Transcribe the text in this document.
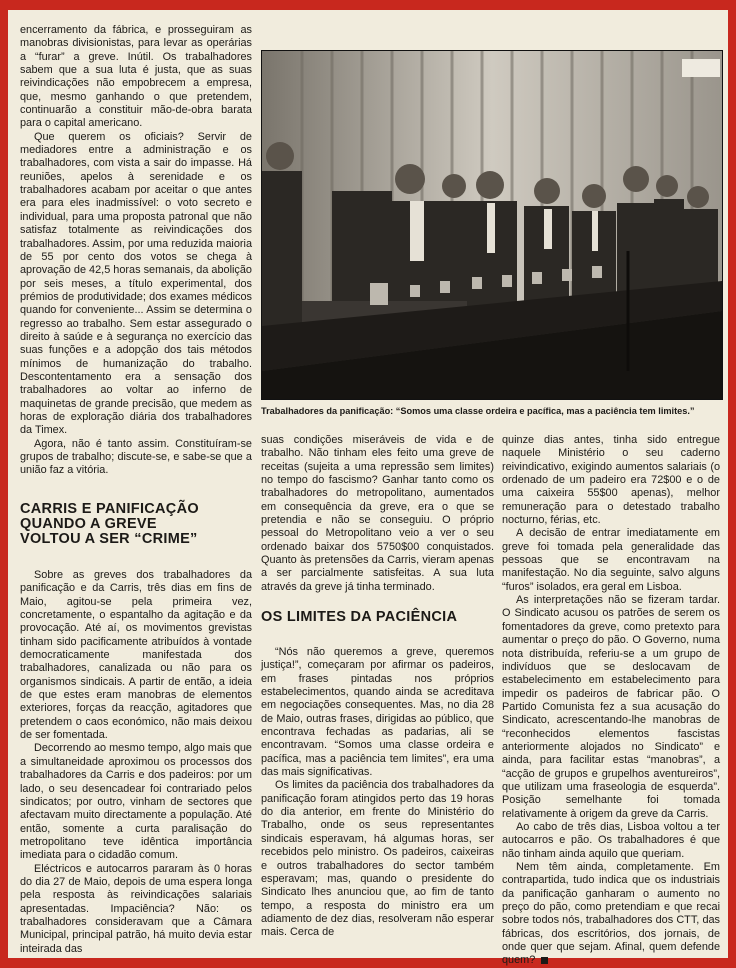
encerramento da fábrica, e prosseguiram as manobras divisionistas, para levar as operárias a “furar” a greve. Inútil. Os trabalhadores sabem que a sua luta é justa, que as suas reivindicações não empobrecem a empresa, que, mesmo ganhando o que pretendem, continuarão a constituir mão-de-obra barata para o capital americano.

Que querem os oficiais? Servir de mediadores entre a administração e os trabalhadores, com vista a sair do impasse. Há reuniões, apelos à serenidade e os trabalhadores acabam por aceitar o que antes era para eles inadmissível: o voto secreto e individual, para uma proposta patronal que não satisfaz totalmente as reivindicações dos trabalhadores. Assim, por uma reduzida maioria de 55 por cento dos votos se chega à aprovação de 42,5 horas semanais, da abolição por seis meses, a título experimental, dos prémios de produtividade; dos exames médicos quando for conveniente... Assim se determina o regresso ao trabalho. Sem estar assegurado o direito à saúde e à segurança no exercício das suas funções e a adopção dos tais métodos mínimos de humanização do trabalho. Descontentamento era a sensação dos trabalhadores ao voltar ao inferno de maquinetas de grande precisão, que medem as horas de exploração diária dos trabalhadores da Timex.

Agora, não é tanto assim. Constituíram-se grupos de trabalho; discute-se, e sabe-se que a união faz a vitória.

CARRIS E PANIFICAÇÃO QUANDO A GREVE VOLTOU A SER “CRIME”

Sobre as greves dos trabalhadores da panificação e da Carris, três dias em fins de Maio, agitou-se pela primeira vez, concretamente, o espantalho da agitação e da provocação. Até aí, os movimentos grevistas tinham sido pacificamente atribuídos à vontade democraticamente manifestada dos trabalhadores, canalizada ou não para os organismos sindicais. A partir de então, a ideia de que estes eram manobras de elementos exteriores, forças da reacção, agitadores que pretendem o caos económico, não mais deixou de ser fomentada.

Decorrendo ao mesmo tempo, algo mais que a simultaneidade aproximou os processos dos trabalhadores da Carris e dos padeiros: por um lado, o seu desencadear foi contrariado pelos sindicatos; por outro, vinham de sectores que afectavam muito directamente a população. Até então, somente a curta paralisação do metropolitano teve idêntica importância imediata para o cidadão comum.

Eléctricos e autocarros pararam às 0 horas do dia 27 de Maio, depois de uma espera longa pela resposta às reivindicações salariais apresentadas. Impaciência? Não: os trabalhadores consideravam que a Câmara Municipal, principal patrão, há muito devia estar inteirada das

Trabalhadores da panificação: “Somos uma classe ordeira e pacífica, mas a paciência tem limites.”

suas condições miseráveis de vida e de trabalho. Não tinham eles feito uma greve de receitas (sujeita a uma repressão sem limites) no tempo do fascismo? Ganhar tanto como os trabalhadores do metropolitano, aumentados em consequência da greve, era o que se pretendia e não se conseguiu. O próprio pessoal do Metropolitano veio a ver o seu ordenado baixar dos 5750$00 conquistados. Quanto às pretensões da Carris, vieram apenas a ser parcialmente satisfeitas. A sua luta através da greve já tinha terminado.

OS LIMITES DA PACIÊNCIA

“Nós não queremos a greve, queremos justiça!”, começaram por afirmar os padeiros, em frases pintadas nos próprios estabelecimentos, quando ainda se acreditava em negociações consequentes. Mas, no dia 28 de Maio, outras frases, dirigidas ao público, que encontrava fechadas as padarias, ali se encontravam. “Somos uma classe ordeira e pacífica, mas a paciência tem limites”, era uma das mais significativas.

Os limites da paciência dos trabalhadores da panificação foram atingidos perto das 19 horas do dia anterior, em frente do Ministério do Trabalho, onde os seus representantes sindicais esperavam, há algumas horas, ser recebidos pelo ministro. Os padeiros, caixeiras e outros trabalhadores do sector também esperavam; mas, quando o presidente do Sindicato lhes anunciou que, ao fim de tanto tempo, a resposta do ministro era um adiamento de dez dias, resolveram não esperar mais. Cerca de

quinze dias antes, tinha sido entregue naquele Ministério o seu caderno reivindicativo, exigindo aumentos salariais (o ordenado de um padeiro era 72$00 e o de uma caixeira 55$00 apenas), melhor remuneração para o detestado trabalho nocturno, férias, etc.

A decisão de entrar imediatamente em greve foi tomada pela generalidade das pessoas que se encontravam na manifestação. No dia seguinte, salvo alguns “furos” isolados, era geral em Lisboa.

As interpretações não se fizeram tardar. O Sindicato acusou os patrões de serem os fomentadores da greve, como pretexto para aumentar o preço do pão. O Governo, numa nota distribuída, referiu-se a um grupo de indivíduos que se deslocavam de estabelecimento em estabelecimento para impedir os padeiros de fabricar pão. O Partido Comunista fez a sua acusação do Sindicato, acrescentando-lhe manobras de “reconhecidos elementos fascistas anteriormente alojados no Sindicato” e ainda, para facilitar estas “manobras”, a “acção de grupos e grupelhos aventureiros”, que utilizam uma fraseologia de esquerda”. Posição semelhante foi tomada relativamente à origem da greve da Carris.

Ao cabo de três dias, Lisboa voltou a ter autocarros e pão. Os trabalhadores é que não tinham ainda aquilo que queriam.

Nem têm ainda, completamente. Em contrapartida, tudo indica que os industriais da panificação ganharam o aumento no preço do pão, como pretendiam e que recai sobre todos nós, trabalhadores dos CTT, das fábricas, dos escritórios, dos jornais, de onde quer que sejam. Afinal, quem defende quem?
